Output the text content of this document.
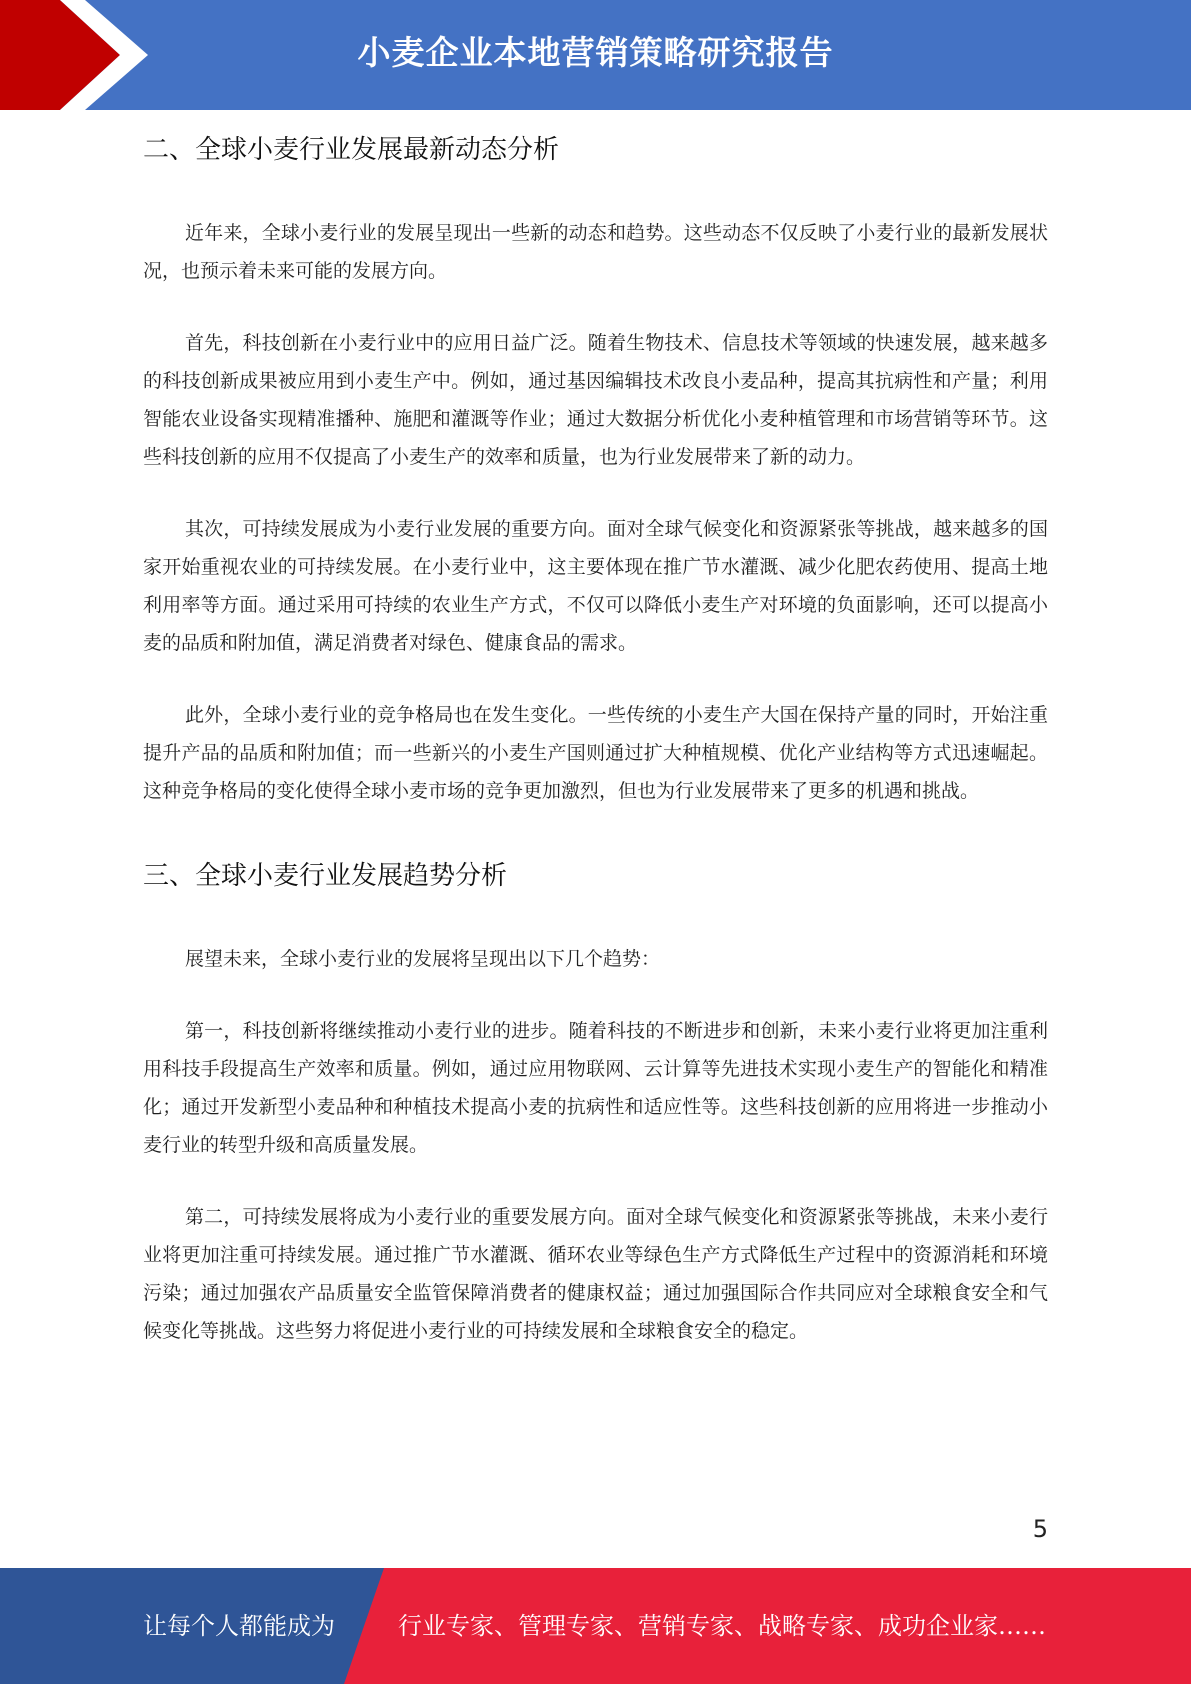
小麦企业本地营销策略研究报告
二、全球小麦行业发展最新动态分析

近年来，全球小麦行业的发展呈现出一些新的动态和趋势。这些动态不仅反映了小麦行业的最新发展状况，也预示着未来可能的发展方向。

首先，科技创新在小麦行业中的应用日益广泛。随着生物技术、信息技术等领域的快速发展，越来越多的科技创新成果被应用到小麦生产中。例如，通过基因编辑技术改良小麦品种，提高其抗病性和产量；利用智能农业设备实现精准播种、施肥和灌溉等作业；通过大数据分析优化小麦种植管理和市场营销等环节。这些科技创新的应用不仅提高了小麦生产的效率和质量，也为行业发展带来了新的动力。

其次，可持续发展成为小麦行业发展的重要方向。面对全球气候变化和资源紧张等挑战，越来越多的国家开始重视农业的可持续发展。在小麦行业中，这主要体现在推广节水灌溉、减少化肥农药使用、提高土地利用率等方面。通过采用可持续的农业生产方式，不仅可以降低小麦生产对环境的负面影响，还可以提高小麦的品质和附加值，满足消费者对绿色、健康食品的需求。

此外，全球小麦行业的竞争格局也在发生变化。一些传统的小麦生产大国在保持产量的同时，开始注重提升产品的品质和附加值；而一些新兴的小麦生产国则通过扩大种植规模、优化产业结构等方式迅速崛起。这种竞争格局的变化使得全球小麦市场的竞争更加激烈，但也为行业发展带来了更多的机遇和挑战。

三、全球小麦行业发展趋势分析

展望未来，全球小麦行业的发展将呈现出以下几个趋势：

第一，科技创新将继续推动小麦行业的进步。随着科技的不断进步和创新，未来小麦行业将更加注重利用科技手段提高生产效率和质量。例如，通过应用物联网、云计算等先进技术实现小麦生产的智能化和精准化；通过开发新型小麦品种和种植技术提高小麦的抗病性和适应性等。这些科技创新的应用将进一步推动小麦行业的转型升级和高质量发展。

第二，可持续发展将成为小麦行业的重要发展方向。面对全球气候变化和资源紧张等挑战，未来小麦行业将更加注重可持续发展。通过推广节水灌溉、循环农业等绿色生产方式降低生产过程中的资源消耗和环境污染；通过加强农产品质量安全监管保障消费者的健康权益；通过加强国际合作共同应对全球粮食安全和气候变化等挑战。这些努力将促进小麦行业的可持续发展和全球粮食安全的稳定。

5
让每个人都能成为	行业专家、管理专家、营销专家、战略专家、成功企业家……
